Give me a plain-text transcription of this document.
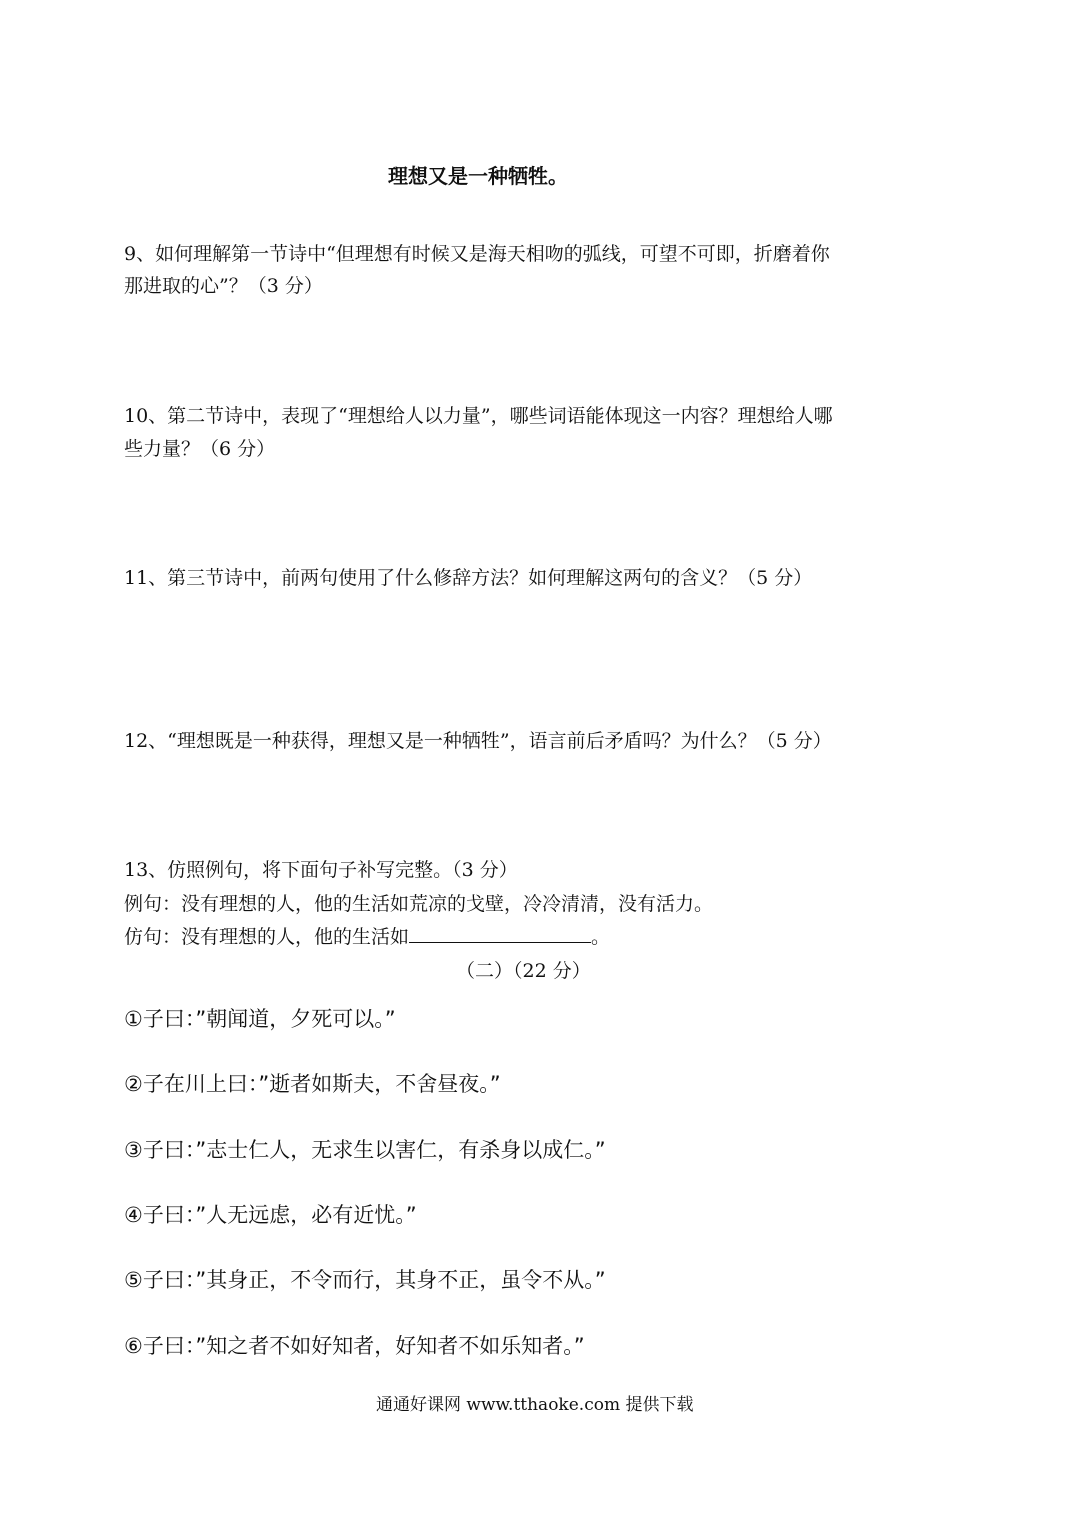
理想又是一种牺牲。
9、如何理解第一节诗中“但理想有时候又是海天相吻的弧线，可望不可即，折磨着你
那进取的心”？（3 分）
10、第二节诗中，表现了“理想给人以力量”，哪些词语能体现这一内容？理想给人哪
些力量？（6 分）
11、第三节诗中，前两句使用了什么修辞方法？如何理解这两句的含义？（5 分）
12、“理想既是一种获得，理想又是一种牺牲”，语言前后矛盾吗？为什么？（5 分）
13、仿照例句，将下面句子补写完整。（3 分）
例句：没有理想的人，他的生活如荒凉的戈壁，冷冷清清，没有活力。
仿句：没有理想的人，他的生活如	。
（二）（22 分）
①子曰：”朝闻道，夕死可以。”
②子在川上曰：”逝者如斯夫，不舍昼夜。”
③子曰：”志士仁人，无求生以害仁，有杀身以成仁。”
④子曰：”人无远虑，必有近忧。”
⑤子曰：”其身正，不令而行，其身不正，虽令不从。”
⑥子曰：”知之者不如好知者，好知者不如乐知者。”
通通好课网 www.tthaoke.com 提供下载
